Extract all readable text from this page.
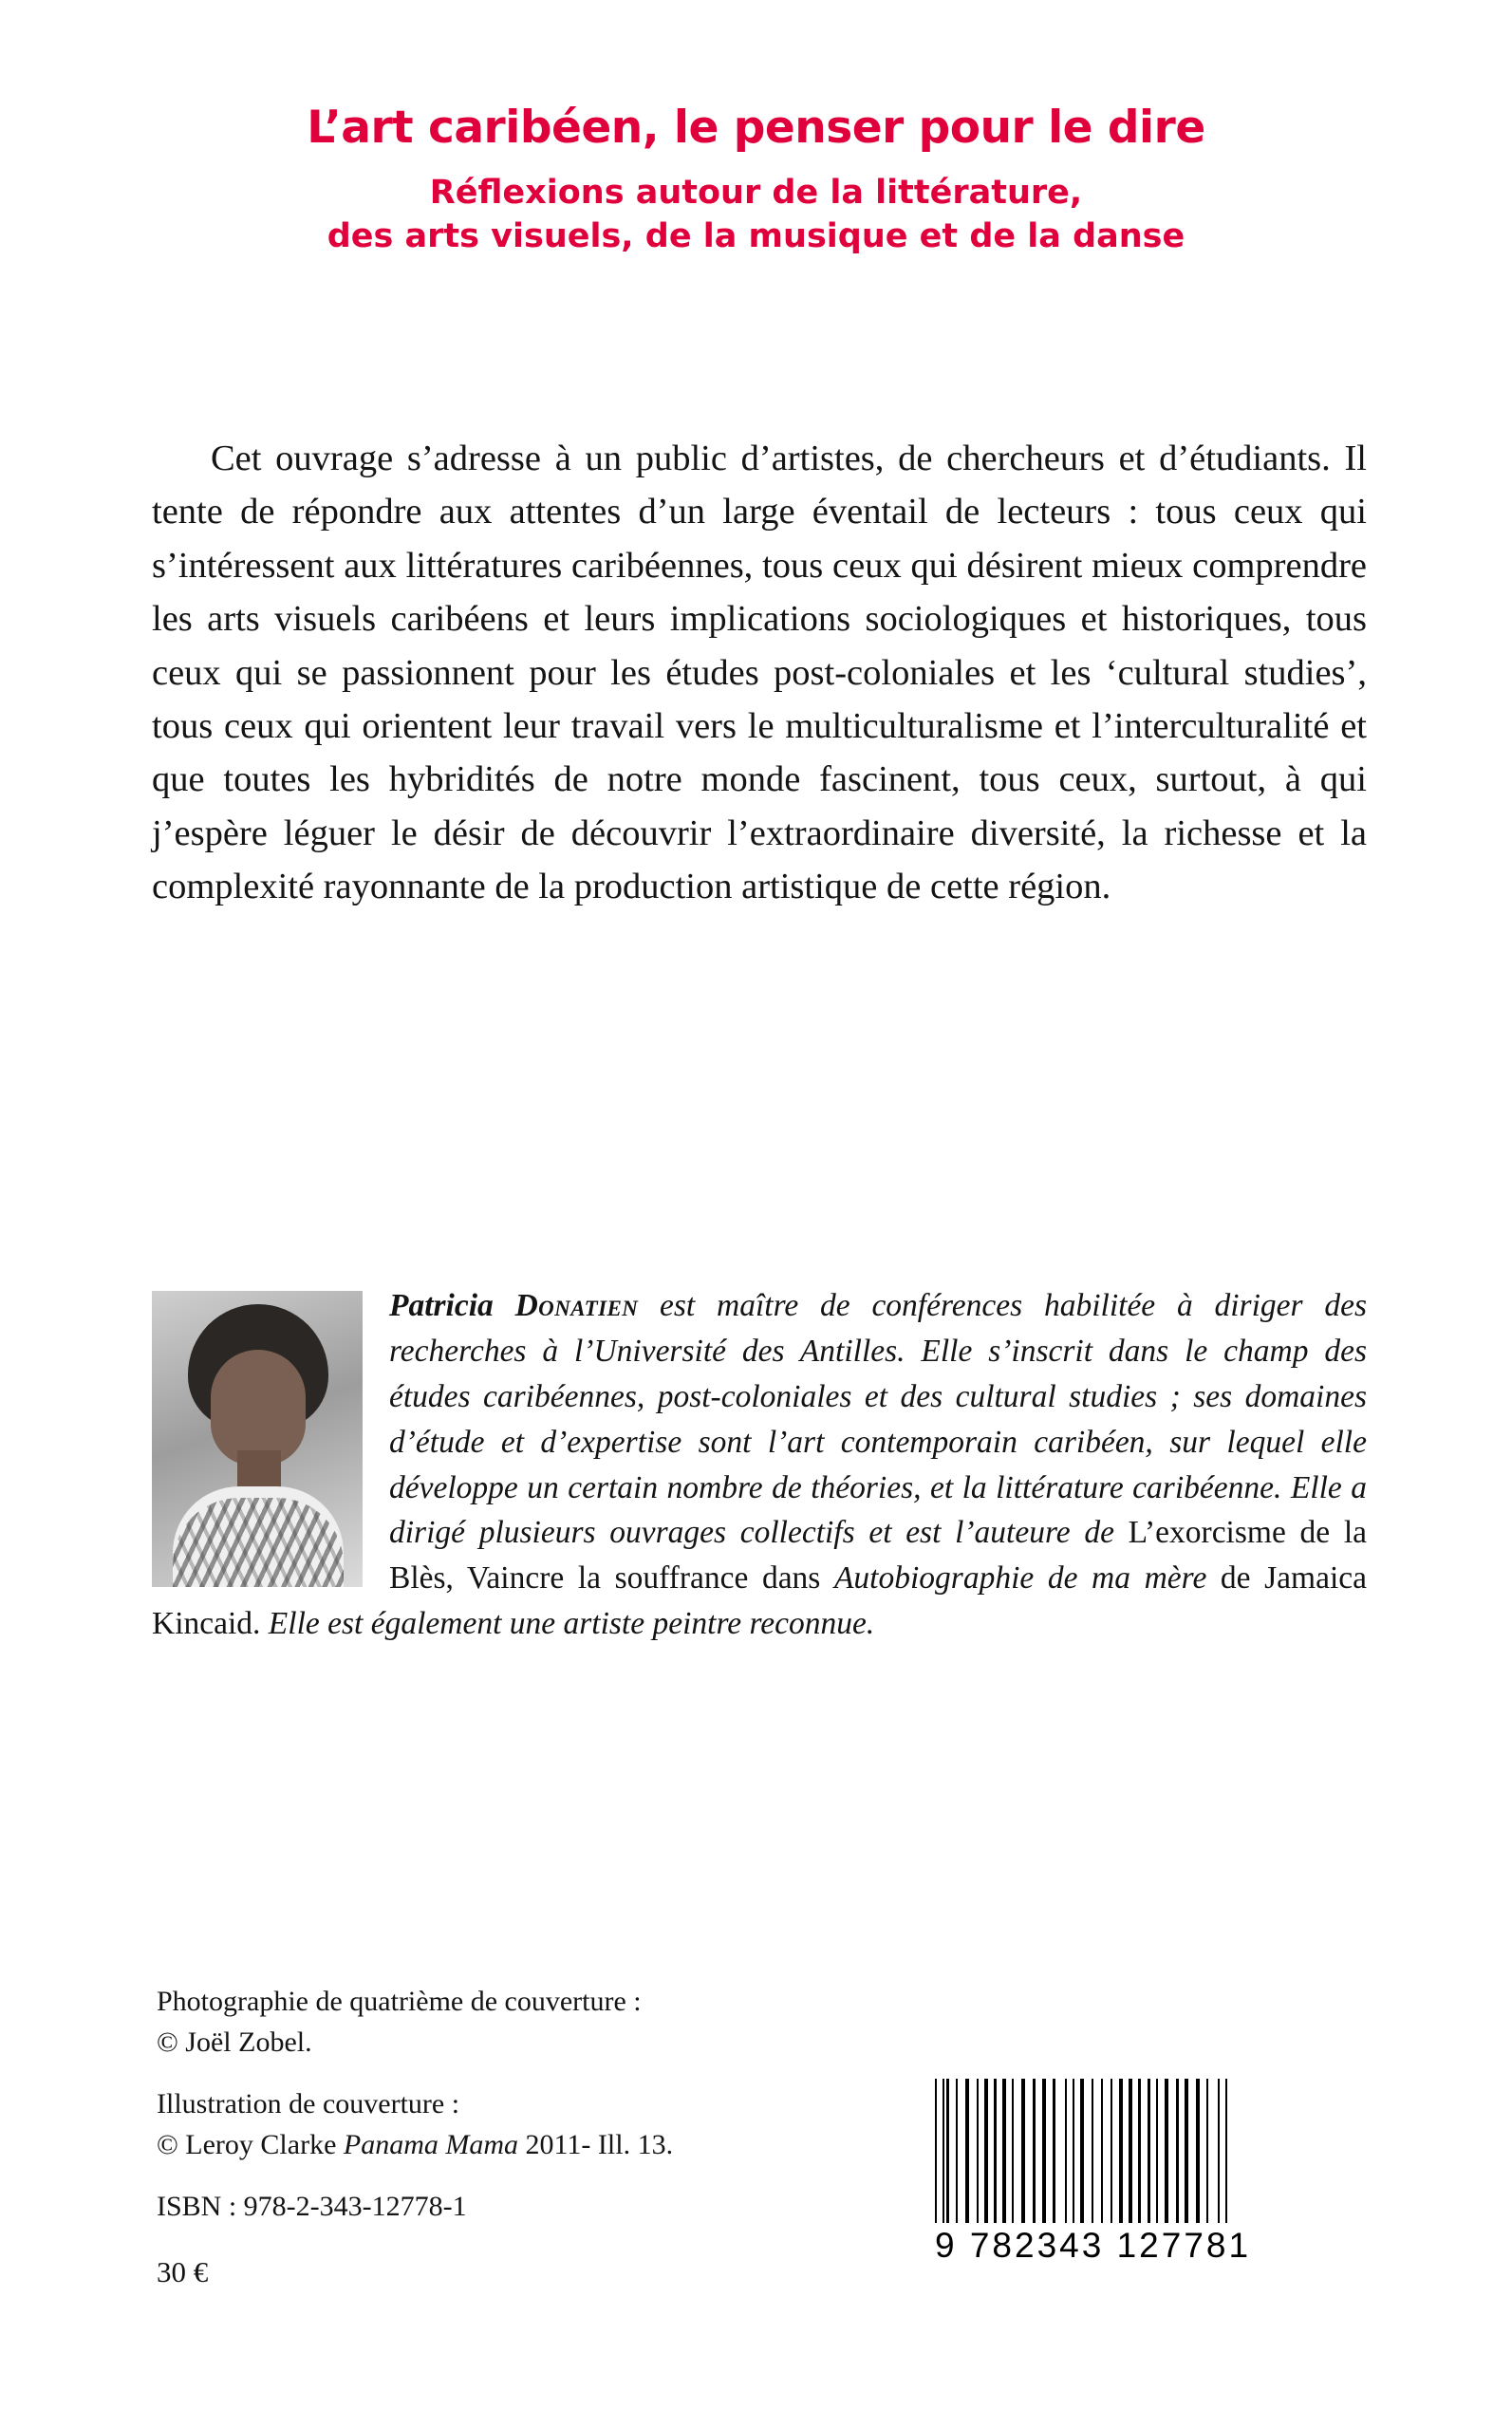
L’art caribéen, le penser pour le dire
Réflexions autour de la littérature,
des arts visuels, de la musique et de la danse

Cet ouvrage s’adresse à un public d’artistes, de chercheurs et d’étudiants. Il tente de répondre aux attentes d’un large éventail de lecteurs : tous ceux qui s’intéressent aux littératures caribéennes, tous ceux qui désirent mieux comprendre les arts visuels caribéens et leurs implications sociologiques et historiques, tous ceux qui se passionnent pour les études post-coloniales et les ‘cultural studies’, tous ceux qui orientent leur travail vers le multiculturalisme et l’interculturalité et que toutes les hybridités de notre monde fascinent, tous ceux, surtout, à qui j’espère léguer le désir de découvrir l’extraordinaire diversité, la richesse et la complexité rayonnante de la production artistique de cette région.

Patricia Donatien est maître de conférences habilitée à diriger des recherches à l’Université des Antilles. Elle s’inscrit dans le champ des études caribéennes, post-coloniales et des cultural studies ; ses domaines d’étude et d’expertise sont l’art contemporain caribéen, sur lequel elle développe un certain nombre de théories, et la littérature caribéenne. Elle a dirigé plusieurs ouvrages collectifs et est l’auteure de L’exorcisme de la Blès, Vaincre la souffrance dans Autobiographie de ma mère de Jamaica Kincaid. Elle est également une artiste peintre reconnue.

Photographie de quatrième de couverture :
© Joël Zobel.

Illustration de couverture :
© Leroy Clarke Panama Mama 2011- Ill. 13.

ISBN : 978-2-343-12778-1

30 €

9 782343 127781
